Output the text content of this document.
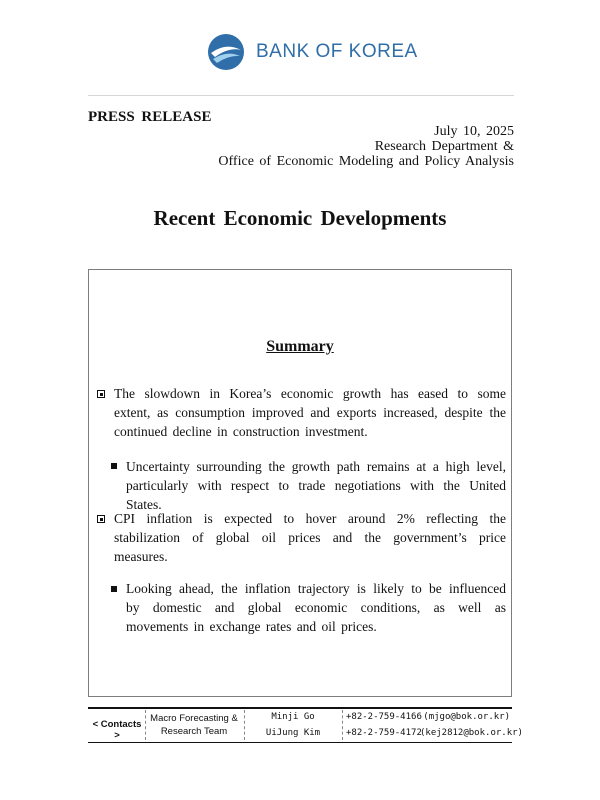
BANK OF KOREA
PRESS RELEASE
July 10, 2025
Research Department &
Office of Economic Modeling and Policy Analysis
Recent Economic Developments
Summary
The slowdown in Korea’s economic growth has eased to some extent, as consumption improved and exports increased, despite the continued decline in construction investment.
Uncertainty surrounding the growth path remains at a high level, particularly with respect to trade negotiations with the United States.
CPI inflation is expected to hover around 2% reflecting the stabilization of global oil prices and the government’s price measures.
Looking ahead, the inflation trajectory is likely to be influenced by domestic and global economic conditions, as well as movements in exchange rates and oil prices.
< Contacts >
Macro Forecasting &
Research Team
Minji Go	+82-2-759-4166 (mjgo@bok.or.kr)
UiJung Kim	+82-2-759-4172
(kej2812@bok.or.kr)
